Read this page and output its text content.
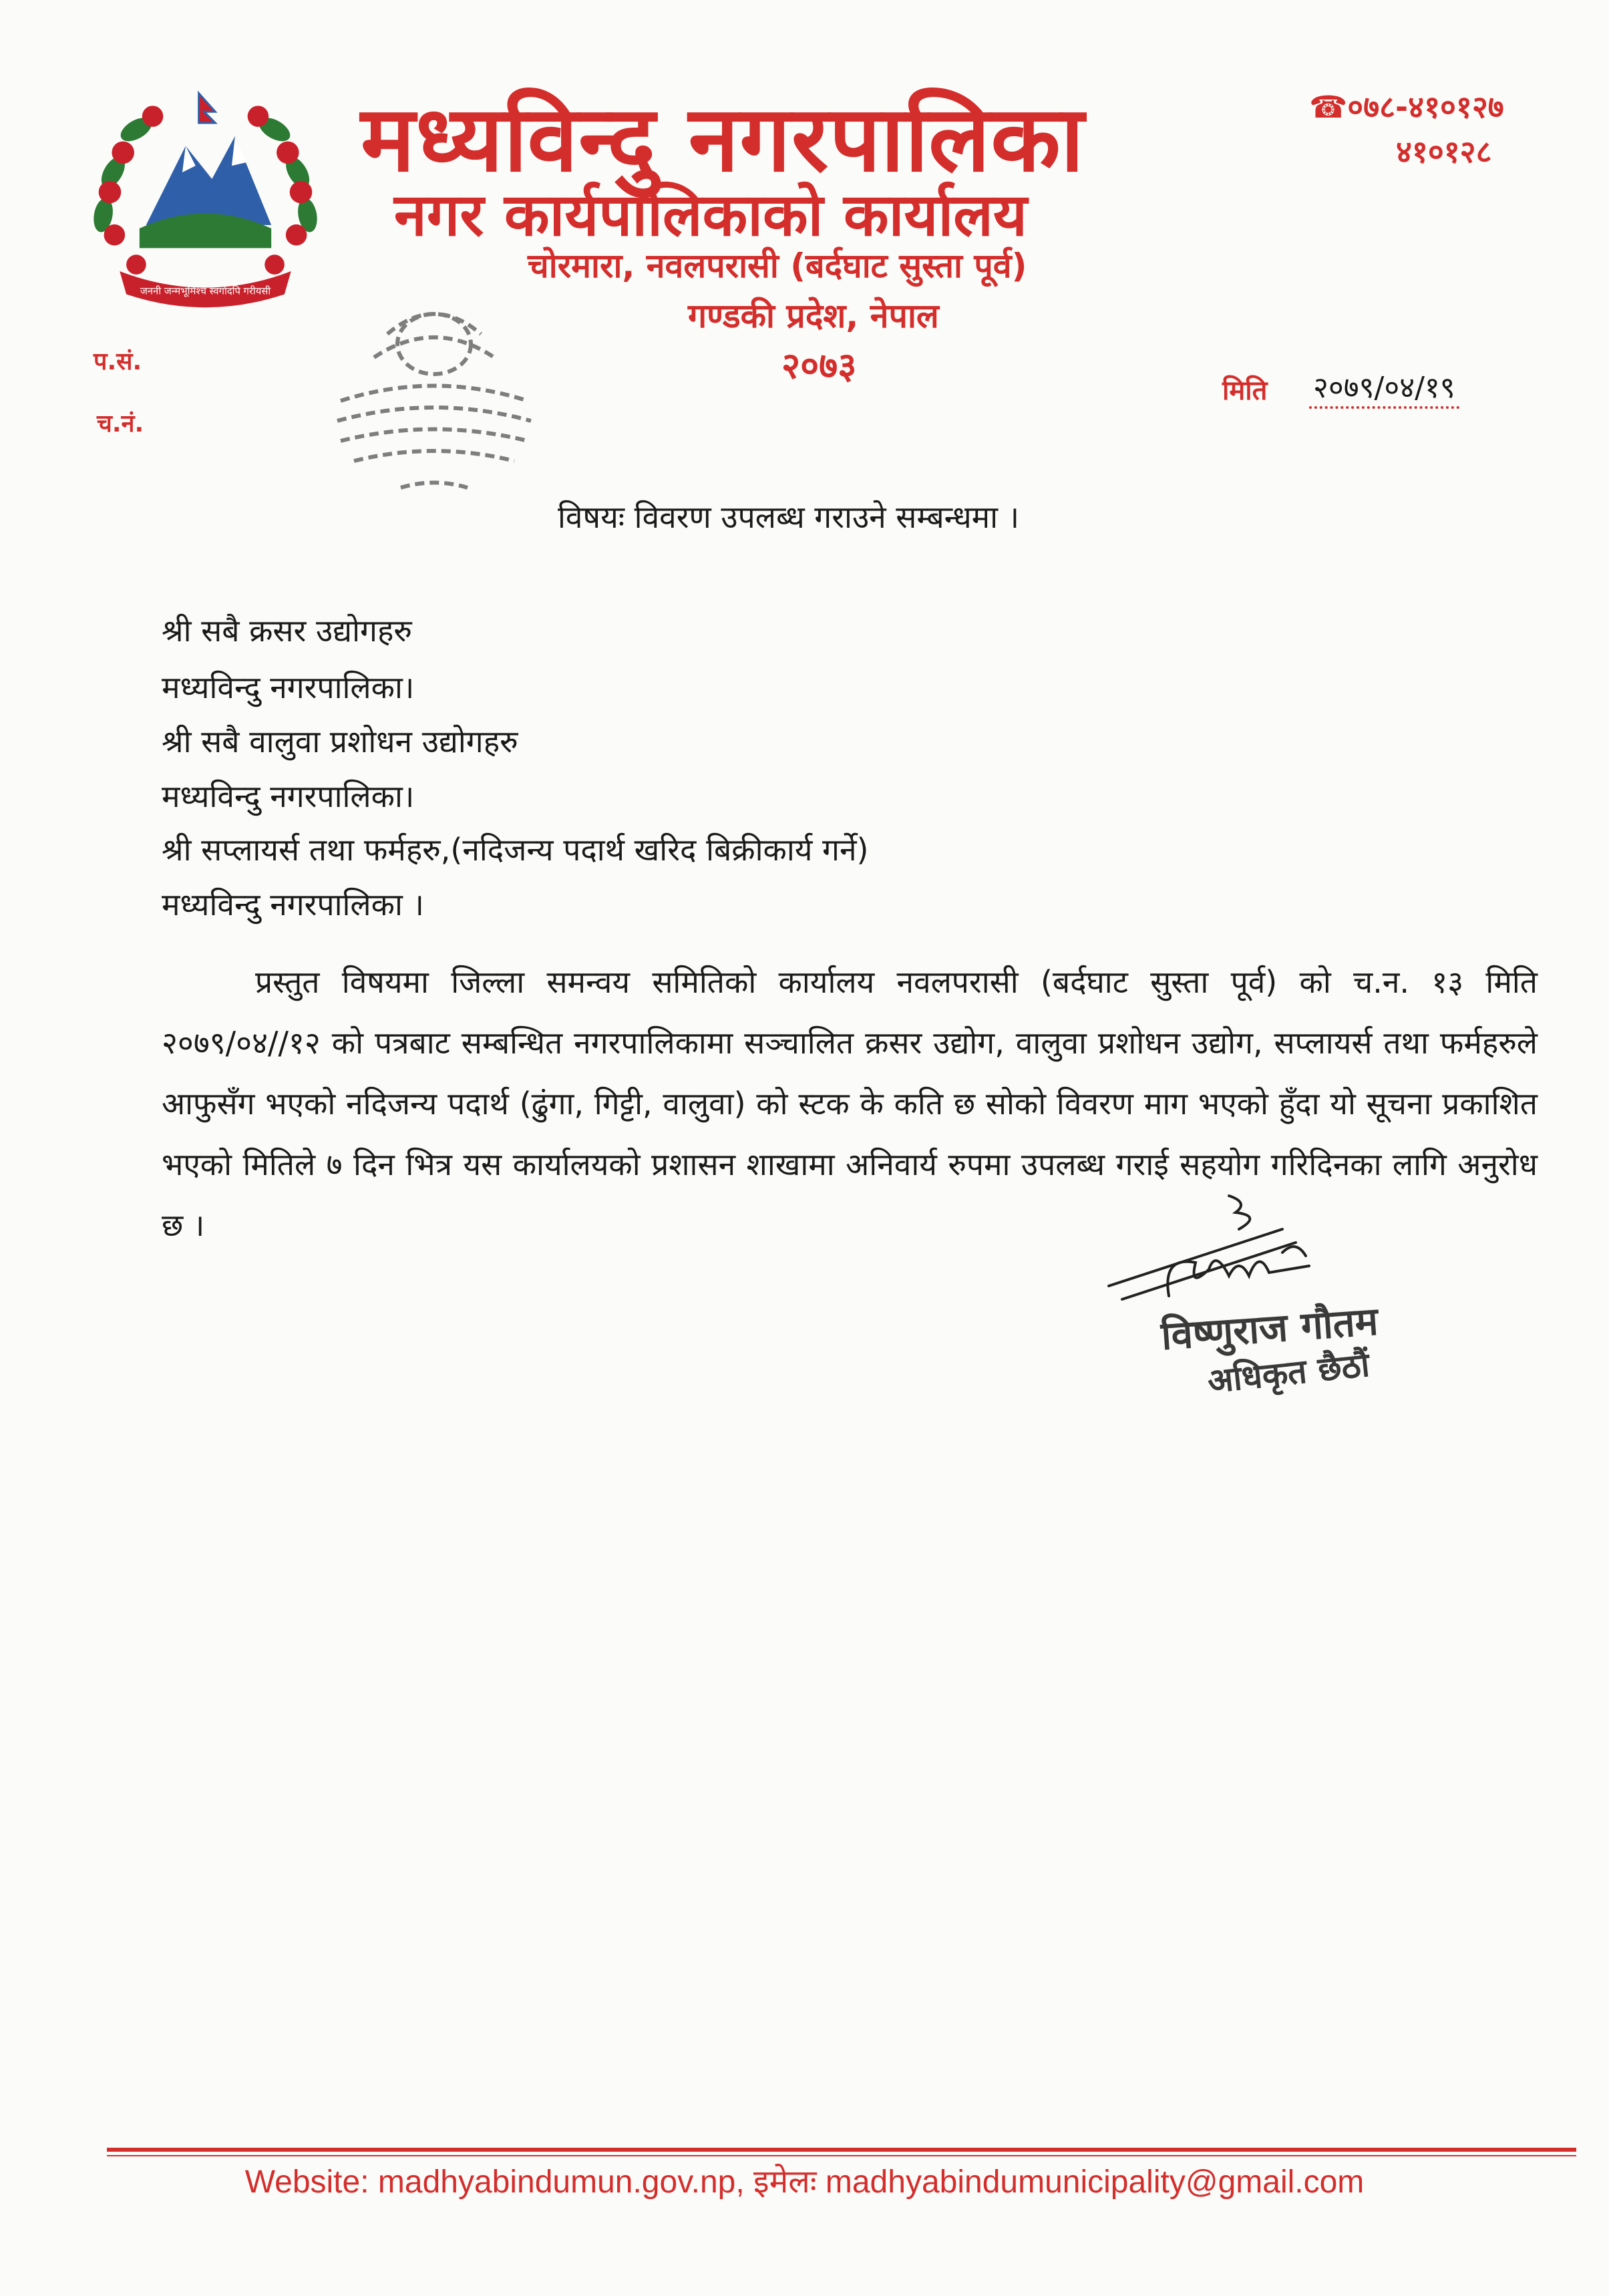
जननी जन्मभूमिश्च स्वर्गादपि गरीयसी
मध्यविन्दु नगरपालिका
नगर कार्यपालिकाको कार्यालय
चोरमारा, नवलपरासी (बर्दघाट सुस्ता पूर्व)
गण्डकी प्रदेश, नेपाल
२०७३
☎०७८-४१०१२७
४१०१२८
प.सं.
च.नं.
मिति २०७९/०४/१९
विषयः विवरण उपलब्ध गराउने सम्बन्धमा ।
श्री सबै क्रसर उद्योगहरु
मध्यविन्दु नगरपालिका।
श्री सबै वालुवा प्रशोधन उद्योगहरु
मध्यविन्दु नगरपालिका।
श्री सप्लायर्स तथा फर्महरु,(नदिजन्य पदार्थ खरिद बिक्रीकार्य गर्ने)
मध्यविन्दु नगरपालिका ।
प्रस्तुत विषयमा जिल्ला समन्वय समितिको कार्यालय नवलपरासी (बर्दघाट सुस्ता पूर्व) को च.न. १३ मिति २०७९/०४//१२ को पत्रबाट सम्बन्धित नगरपालिकामा सञ्चालित क्रसर उद्योग, वालुवा प्रशोधन उद्योग, सप्लायर्स तथा फर्महरुले आफुसँग भएको नदिजन्य पदार्थ (ढुंगा, गिट्टी, वालुवा) को स्टक के कति छ सोको विवरण माग भएको हुँदा यो सूचना प्रकाशित भएको मितिले ७ दिन भित्र यस कार्यालयको प्रशासन शाखामा अनिवार्य रुपमा उपलब्ध गराई सहयोग गरिदिनका लागि अनुरोध छ ।
विष्णुराज गौतम
अधिकृत छैठौं
Website: madhyabindumun.gov.np, इमेलः madhyabindumunicipality@gmail.com
